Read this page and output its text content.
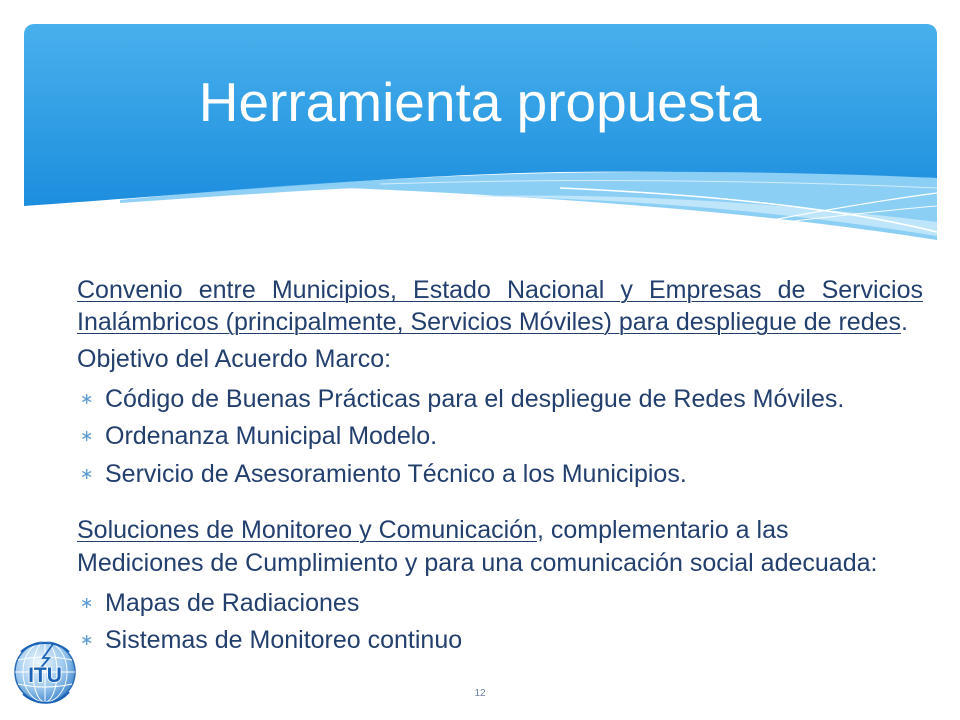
Herramienta propuesta
Convenio entre Municipios, Estado Nacional y Empresas de Servicios
Inalámbricos (principalmente, Servicios Móviles) para despliegue de redes.
Objetivo del Acuerdo Marco:
∗ Código de Buenas Prácticas para el despliegue de Redes Móviles.
∗ Ordenanza Municipal Modelo.
∗ Servicio de Asesoramiento Técnico a los Municipios.
Soluciones de Monitoreo y Comunicación, complementario a las
Mediciones de Cumplimiento y para una comunicación social adecuada:
∗ Mapas de Radiaciones
∗ Sistemas de Monitoreo continuo
ITU
12
